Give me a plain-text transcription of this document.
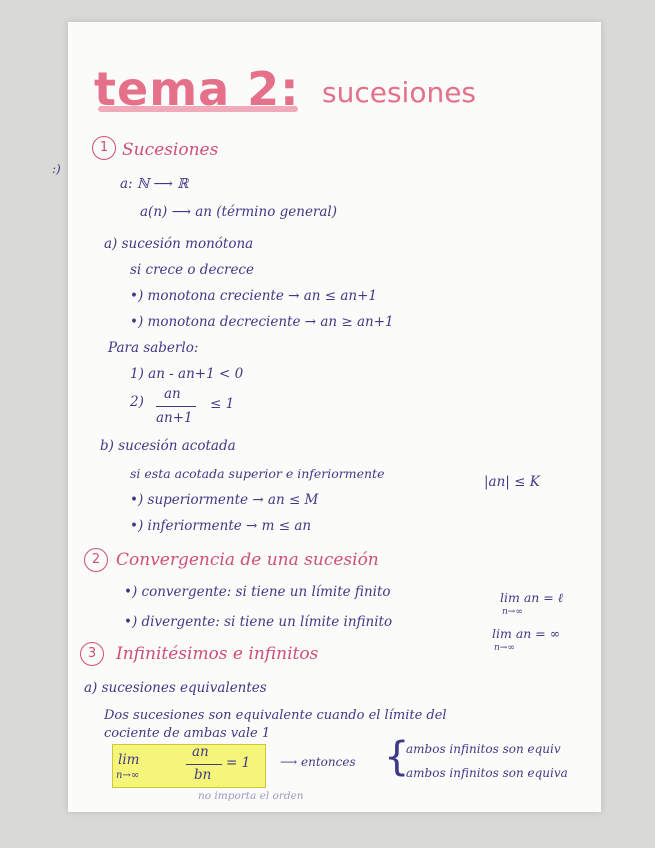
tema 2: sucesiones
:)
1 Sucesiones
a: ℕ ⟶ ℝ
a(n) ⟶ an (término general)
a) sucesión monótona
si crece o decrece
•) monotona creciente → an ≤ an+1
•) monotona decreciente → an ≥ an+1
Para saberlo:
1) an - an+1 < 0
2) an
an+1
≤ 1
b) sucesión acotada
si esta acotada superior e inferiormente
|an| ≤ K
•) superiormente → an ≤ M
•) inferiormente → m ≤ an
2 Convergencia de una sucesión
•) convergente: si tiene un límite finito	lim an = ℓ
n→∞
•) divergente: si tiene un límite infinito
lim an = ∞
n→∞
3	Infinitésimos e infinitos
a) sucesiones equivalentes
Dos sucesiones son equivalente cuando el límite del
cociente de ambas vale 1
lim
n→∞
an
bn
= 1 ⟶ entonces {
ambos infinitos son equiv
ambos infinitos son equiva
no importa el orden
